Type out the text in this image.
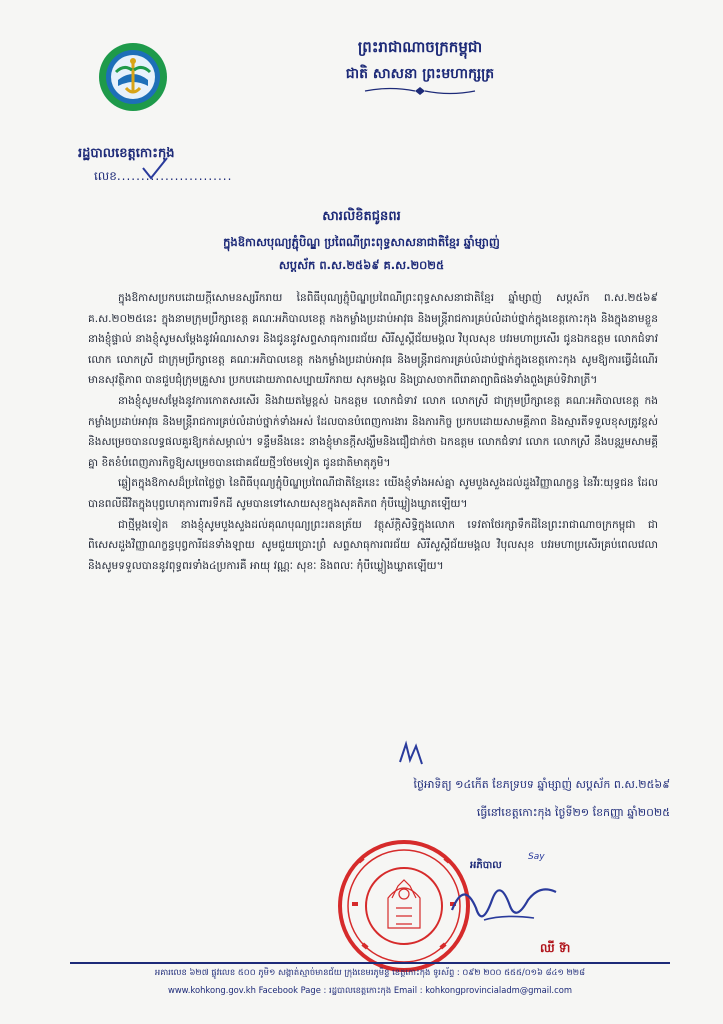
ព្រះរាជាណាចក្រកម្ពុជា
ជាតិ សាសនា ព្រះមហាក្សត្រ
រដ្ឋបាលខេត្តកោះកុង
លេខ........................
សារលិខិតជូនពរ
ក្នុងឱកាសបុណ្យភ្ជុំបិណ្ឌ ប្រពៃណីព្រះពុទ្ធសាសនាជាតិខ្មែរ ឆ្នាំម្សាញ់
សប្តស័ក ព.ស.២៥៦៩ គ.ស.២០២៥

ក្នុងឱកាសប្រកបដោយក្តីសោមនស្សរីករាយ នៃពិធីបុណ្យភ្ជុំបិណ្ឌប្រពៃណីព្រះពុទ្ធសាសនាជាតិខ្មែរ ឆ្នាំម្សាញ់ សប្តស័ក ព.ស.២៥៦៩ គ.ស.២០២៥នេះ ក្នុងនាមក្រុមប្រឹក្សាខេត្ត គណៈអភិបាលខេត្ត កងកម្លាំងប្រដាប់អាវុធ និងមន្ត្រីរាជការគ្រប់លំដាប់ថ្នាក់ក្នុងខេត្តកោះកុង និងក្នុងនាមខ្លួននាងខ្ញុំផ្ទាល់ នាងខ្ញុំសូមសម្តែងនូវអំណរសាទរ និងជូននូវសព្ទសាធុការពរជ័យ សិរីសួស្តីជ័យមង្គល វិបុលសុខ បវរមហាប្រសើរ ជូនឯកឧត្តម លោកជំទាវ លោក លោកស្រី ជាក្រុមប្រឹក្សាខេត្ត គណៈអភិបាលខេត្ត កងកម្លាំងប្រដាប់អាវុធ និងមន្ត្រីរាជការគ្រប់លំដាប់ថ្នាក់ក្នុងខេត្តកោះកុង សូមឱ្យការធ្វើដំណើរមានសុវត្ថិភាព បានជួបជុំក្រុមគ្រួសារ ប្រកបដោយភាពសប្បាយរីករាយ សុភមង្គល និងប្រាសចាកពីរោគាព្យាធិផងទាំងពួងគ្រប់ទិវារាត្រី។

នាងខ្ញុំសូមសម្តែងនូវការកោតសរសើរ និងវាយតម្លៃខ្ពស់ ឯកឧត្តម លោកជំទាវ លោក លោកស្រី ជាក្រុមប្រឹក្សាខេត្ត គណៈអភិបាលខេត្ត កងកម្លាំងប្រដាប់អាវុធ និងមន្ត្រីរាជការគ្រប់លំដាប់ថ្នាក់ទាំងអស់ ដែលបានបំពេញការងារ និងភារកិច្ច ប្រកបដោយសាមគ្គីភាព និងស្មារតីទទួលខុសត្រូវខ្ពស់ និងសម្រេចបានលទ្ធផលគួរឱ្យកត់សម្គាល់។ ទន្ទឹមនឹងនេះ នាងខ្ញុំមានក្តីសង្ឃឹមនិងជឿជាក់ថា ឯកឧត្តម លោកជំទាវ លោក លោកស្រី នឹងបន្តរួមសាមគ្គីគ្នា ខិតខំបំពេញភារកិច្ចឱ្យសម្រេចបានជោគជ័យថ្មីៗថែមទៀត ជូនជាតិមាតុភូមិ។

ឆ្លៀតក្នុងឱកាសដ៏ប្រពៃថ្លៃថ្លា នៃពិធីបុណ្យភ្ជុំបិណ្ឌប្រពៃណីជាតិខ្មែរនេះ យើងខ្ញុំទាំងអស់គ្នា សូមបួងសួងដល់ដួងវិញ្ញាណក្ខន្ធ នៃវីរៈយុទ្ធជន ដែលបានពលីជីវិតក្នុងបុព្វហេតុការពារទឹកដី សូមបានទៅសោយសុខក្នុងសុគតិភព កុំបីឃ្លៀងឃ្លាតឡើយ។

ជាថ្មីម្តងទៀត នាងខ្ញុំសូមបួងសួងដល់គុណបុណ្យព្រះរតនត្រ័យ វត្ថុស័ក្តិសិទ្ធិក្នុងលោក ទេវតាថែរក្សាទឹកដីនៃព្រះរាជាណាចក្រកម្ពុជា ជាពិសេសដួងវិញ្ញាណក្ខន្ធបុព្វការីជនទាំងឡាយ សូមជួយប្រោះព្រំ សព្ទសាធុការពរជ័យ សិរីសួស្តីជ័យមង្គល វិបុលសុខ បវរមហាប្រសើរគ្រប់ពេលវេលា និងសូមទទួលបាននូវពុទ្ធពរទាំង៤ប្រការគឺ អាយុ វណ្ណៈ សុខៈ និងពលៈ កុំបីឃ្លៀងឃ្លាតឡើយ។

ថ្ងៃអាទិត្យ ១៤កើត ខែភទ្របទ ឆ្នាំម្សាញ់ សប្តស័ក ព.ស.២៥៦៩
ធ្វើនៅខេត្តកោះកុង ថ្ងៃទី២១ ខែកញ្ញា ឆ្នាំ២០២៥
អភិបាល
Say
ឈី ទ៊ា
អគារលេខ ៦២៧ ផ្លូវលេខ ៥០០ ភូមិ១ សង្កាត់ស្មាច់មានជ័យ ក្រុងខេមរភូមិន្ទ ខេត្តកោះកុង ទូរស័ព្ទ : ០៩២ ២០០ ៥៥៥/០១៦ ៨៤១ ២២៨
www.kohkong.gov.kh Facebook Page : រដ្ឋបាលខេត្តកោះកុង Email : kohkongprovincialadm@gmail.com
